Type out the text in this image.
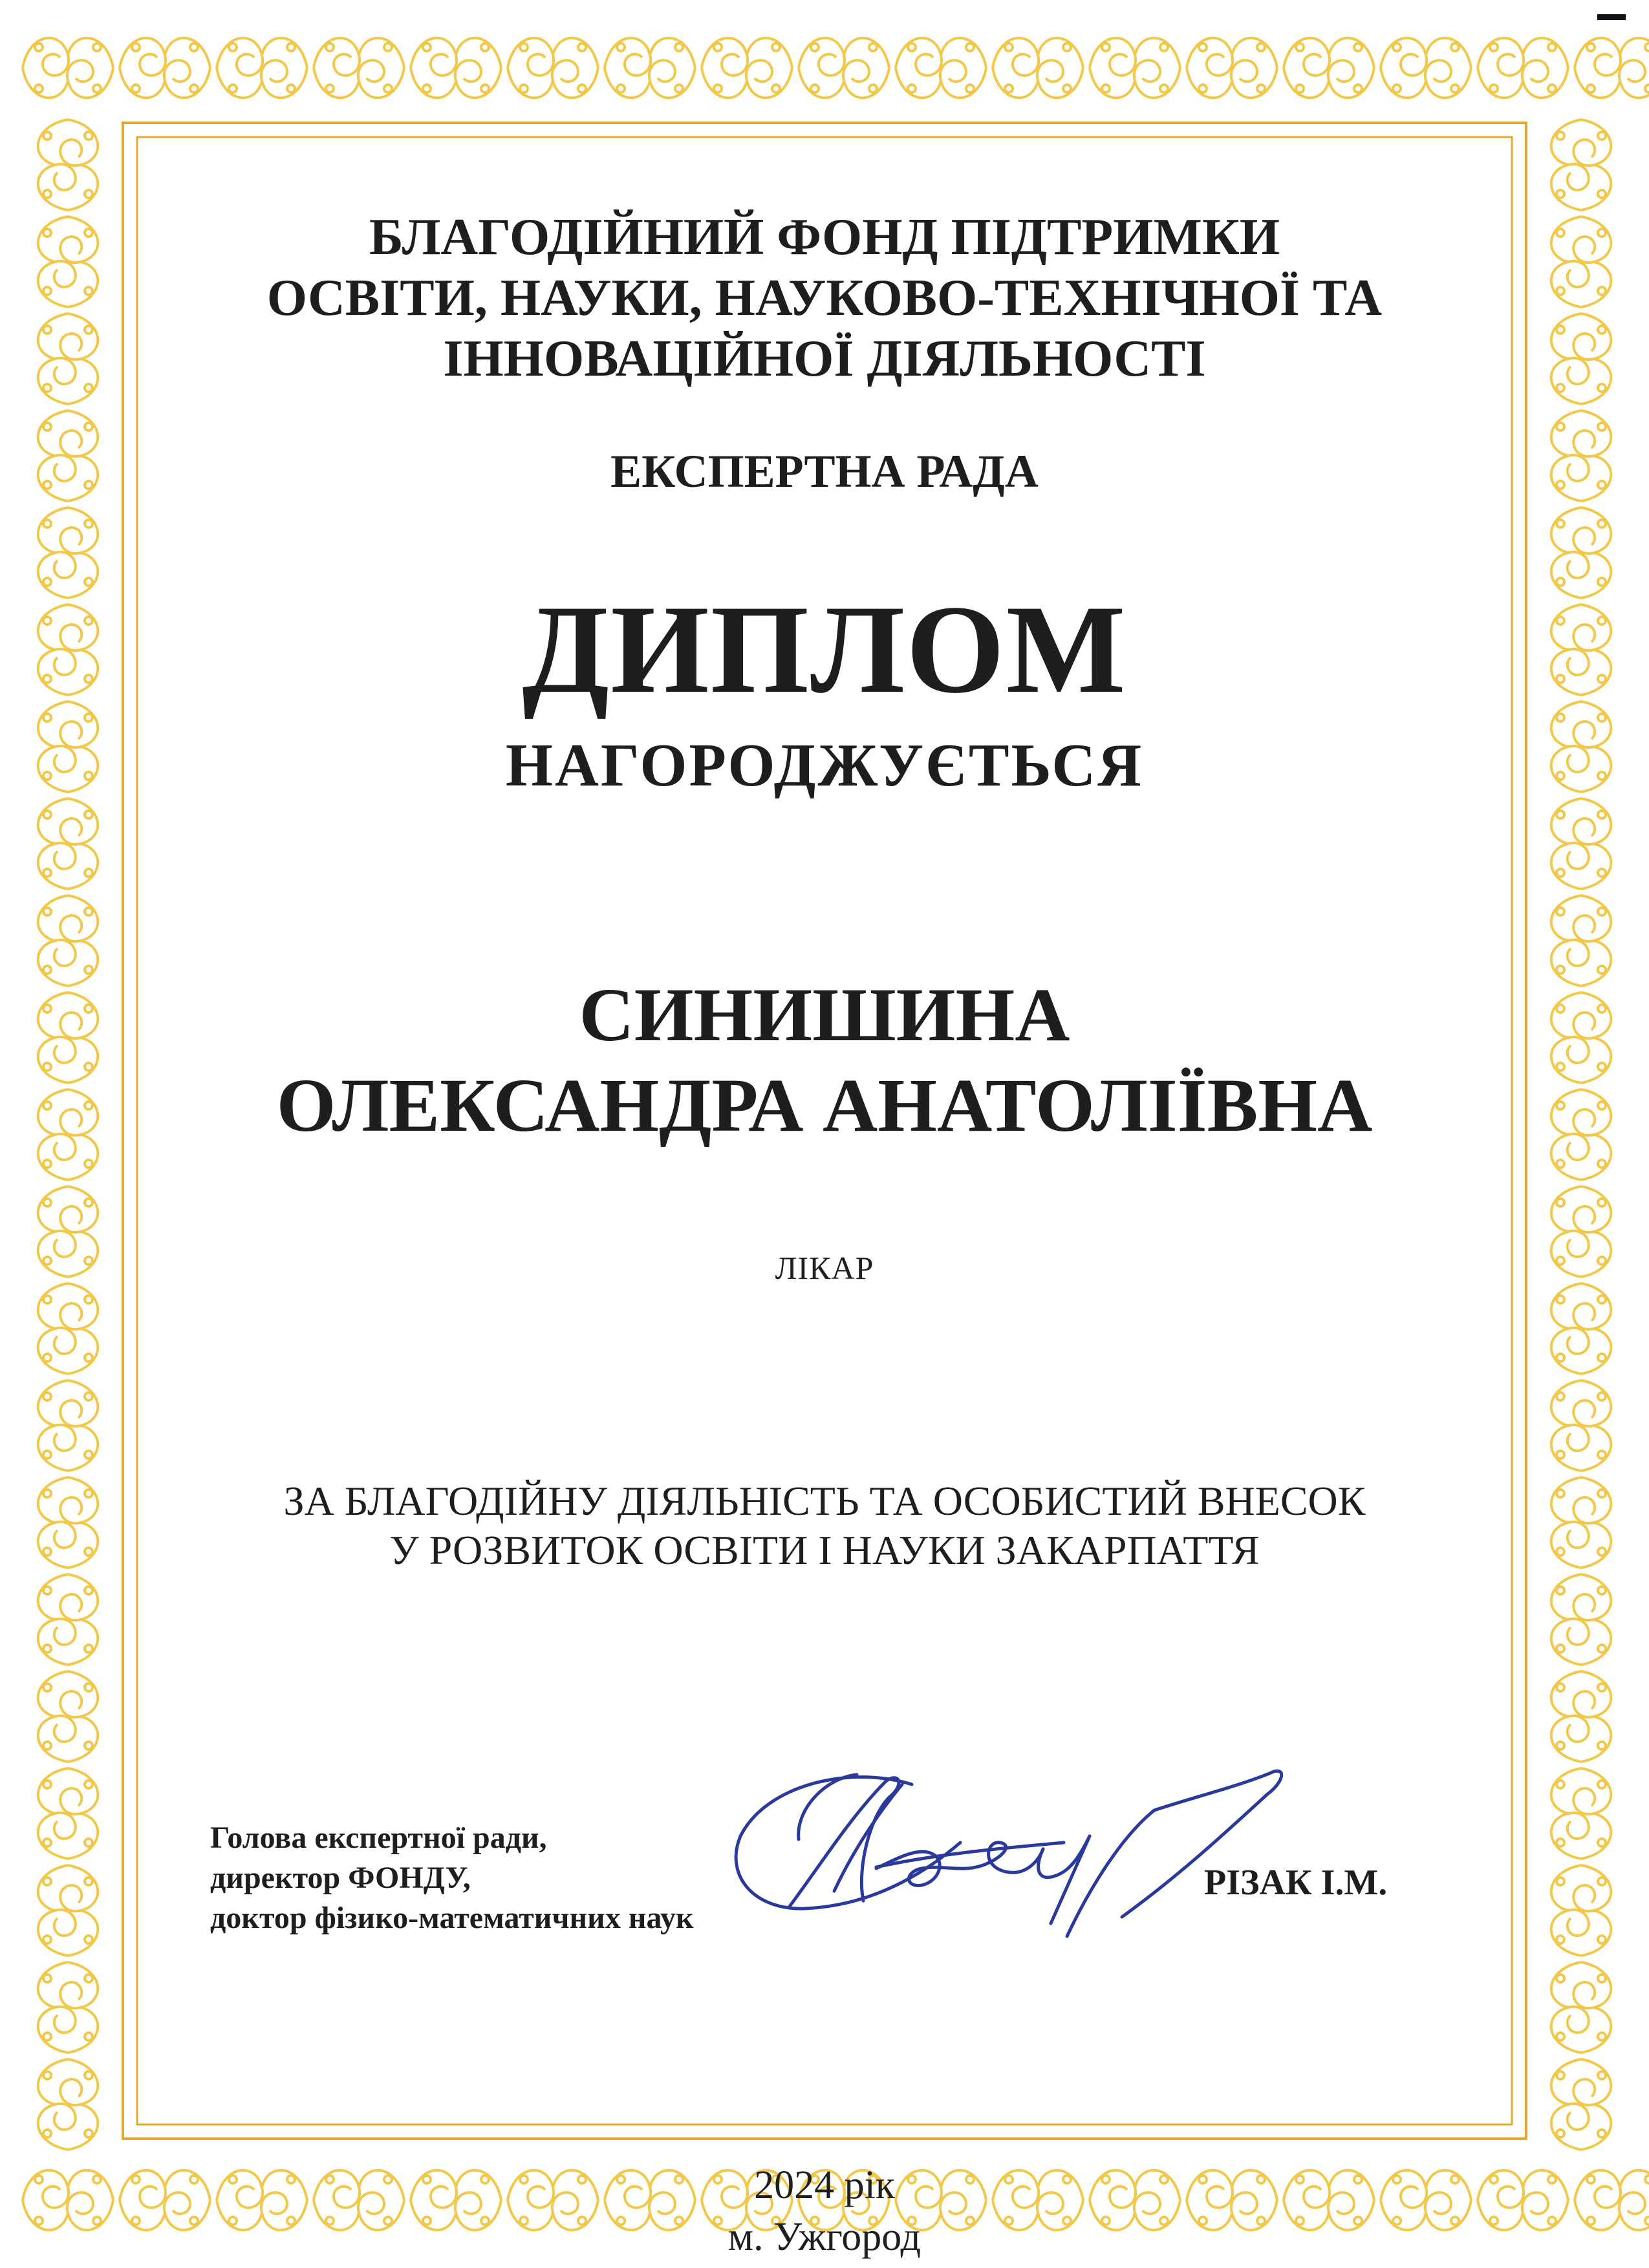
БЛАГОДІЙНИЙ ФОНД ПІДТРИМКИ
ОСВІТИ, НАУКИ, НАУКОВО-ТЕХНІЧНОЇ ТА
ІННОВАЦІЙНОЇ ДІЯЛЬНОСТІ
ЕКСПЕРТНА РАДА
ДИПЛОМ
НАГОРОДЖУЄТЬСЯ
СИНИШИНА
ОЛЕКСАНДРА АНАТОЛІЇВНА
ЛІКАР
ЗА БЛАГОДІЙНУ ДІЯЛЬНІСТЬ ТА ОСОБИСТИЙ ВНЕСОК
У РОЗВИТОК ОСВІТИ І НАУКИ ЗАКАРПАТТЯ
Голова експертної ради,
директор ФОНДУ,
доктор фізико-математичних наук
РІЗАК І.М.
2024 рік
м. Ужгород
